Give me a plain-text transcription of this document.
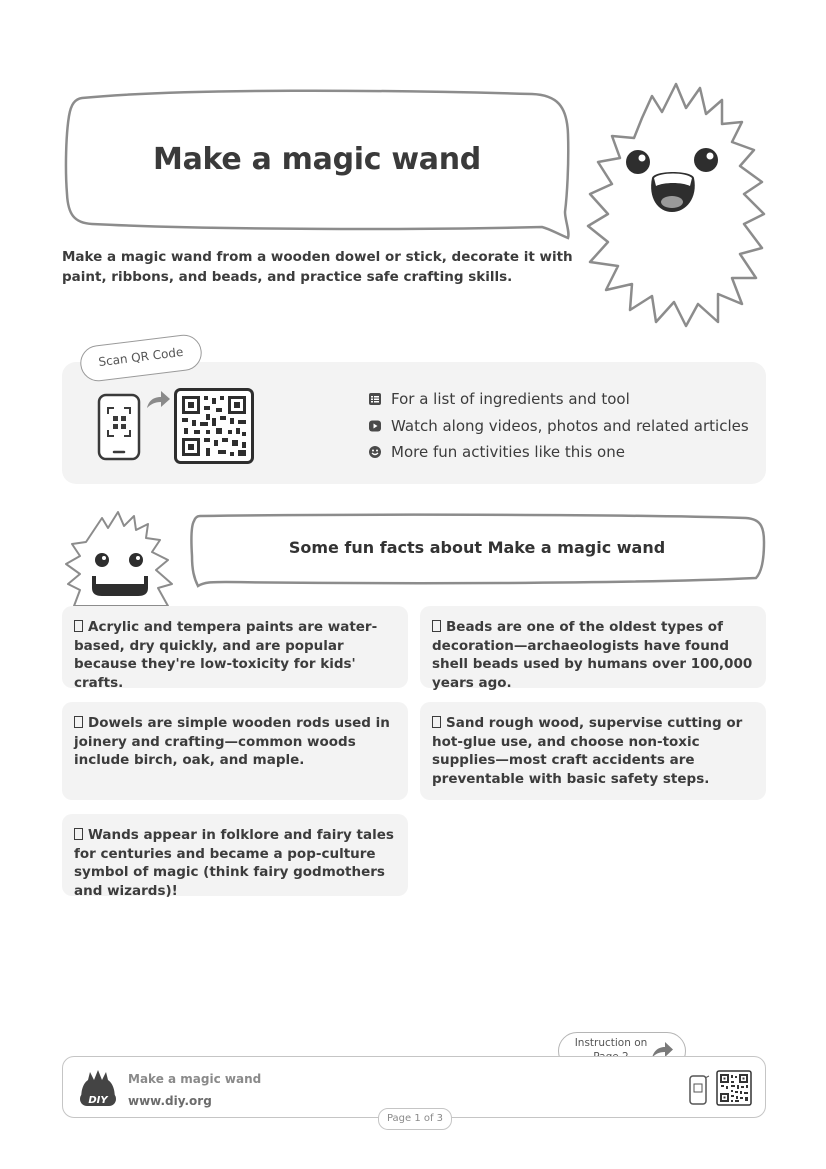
Make a magic wand
Make a magic wand from a wooden dowel or stick, decorate it with paint, ribbons, and beads, and practice safe crafting skills.
Scan QR Code
For a list of ingredients and tool
Watch along videos, photos and related articles
More fun activities like this one
Some fun facts about Make a magic wand
Acrylic and tempera paints are water-based, dry quickly, and are popular because they're low-toxicity for kids' crafts.
Beads are one of the oldest types of decoration—archaeologists have found shell beads used by humans over 100,000 years ago.
Dowels are simple wooden rods used in joinery and crafting—common woods include birch, oak, and maple.
Sand rough wood, supervise cutting or hot-glue use, and choose non-toxic supplies—most craft accidents are preventable with basic safety steps.
Wands appear in folklore and fairy tales for centuries and became a pop-culture symbol of magic (think fairy godmothers and wizards)!
Instruction on
DIY
Make a magic wand
www.diy.org
Page 1 of 3
